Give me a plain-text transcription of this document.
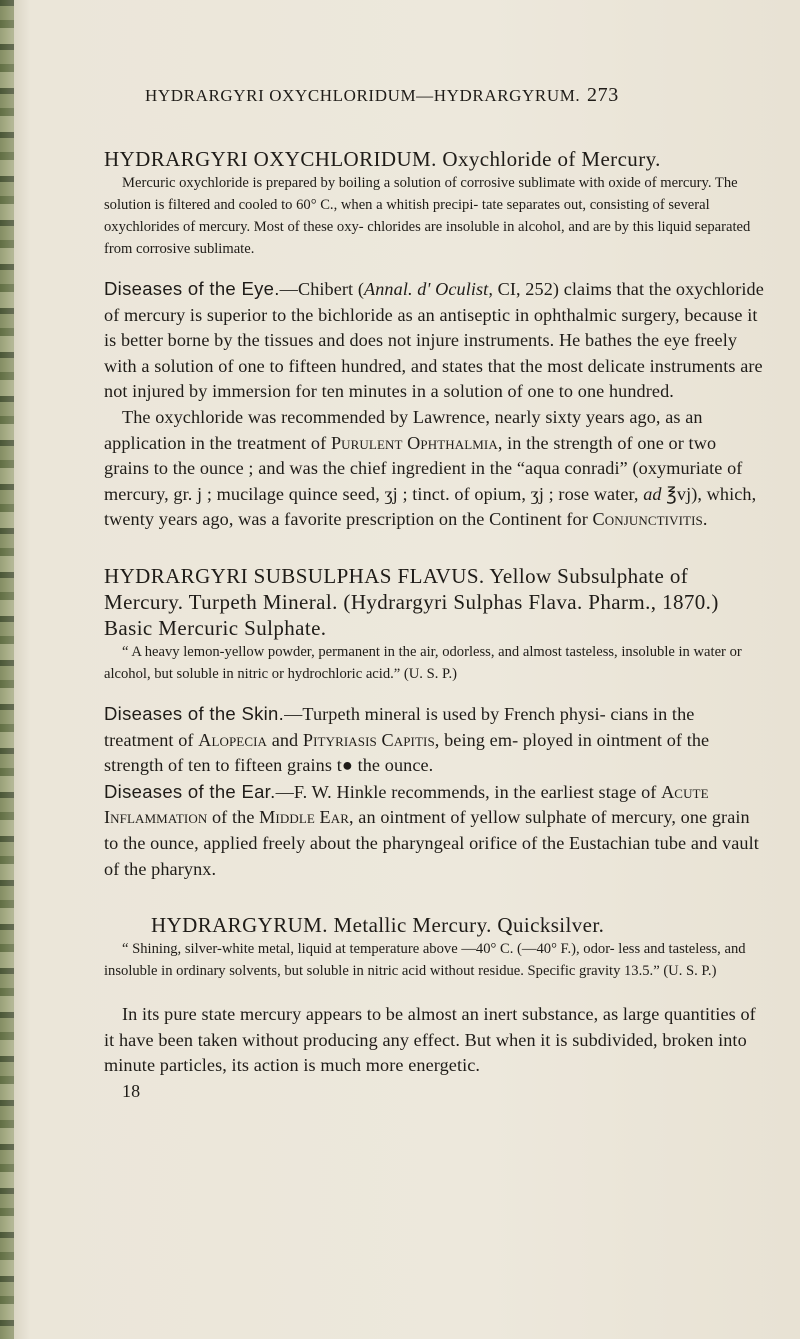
HYDRARGYRI OXYCHLORIDUM—HYDRARGYRUM. 273

HYDRARGYRI OXYCHLORIDUM. Oxychloride of Mercury.

Mercuric oxychloride is prepared by boiling a solution of corrosive sublimate with oxide of mercury. The solution is filtered and cooled to 60° C., when a whitish precipi- tate separates out, consisting of several oxychlorides of mercury. Most of these oxy- chlorides are insoluble in alcohol, and are by this liquid separated from corrosive sublimate.

Diseases of the Eye.—Chibert (Annal. d' Oculist, CI, 252) claims that the oxychloride of mercury is superior to the bichloride as an antiseptic in ophthalmic surgery, because it is better borne by the tissues and does not injure instruments. He bathes the eye freely with a solution of one to fifteen hundred, and states that the most delicate instruments are not injured by immersion for ten minutes in a solution of one to one hundred.

The oxychloride was recommended by Lawrence, nearly sixty years ago, as an application in the treatment of Purulent Ophthalmia, in the strength of one or two grains to the ounce ; and was the chief ingredient in the “aqua conradi” (oxymuriate of mercury, gr. j ; mucilage quince seed, ʒj ; tinct. of opium, ʒj ; rose water, ad ℥vj), which, twenty years ago, was a favorite prescription on the Continent for Conjunctivitis.

HYDRARGYRI SUBSULPHAS FLAVUS. Yellow Subsulphate of Mercury. Turpeth Mineral. (Hydrargyri Sulphas Flava. Pharm., 1870.) Basic Mercuric Sulphate.

“ A heavy lemon-yellow powder, permanent in the air, odorless, and almost tasteless, insoluble in water or alcohol, but soluble in nitric or hydrochloric acid.” (U. S. P.)

Diseases of the Skin.—Turpeth mineral is used by French physi- cians in the treatment of Alopecia and Pityriasis Capitis, being em- ployed in ointment of the strength of ten to fifteen grains t● the ounce.

Diseases of the Ear.—F. W. Hinkle recommends, in the earliest stage of Acute Inflammation of the Middle Ear, an ointment of yellow sulphate of mercury, one grain to the ounce, applied freely about the pharyngeal orifice of the Eustachian tube and vault of the pharynx.

HYDRARGYRUM. Metallic Mercury. Quicksilver.

“ Shining, silver-white metal, liquid at temperature above —40° C. (—40° F.), odor- less and tasteless, and insoluble in ordinary solvents, but soluble in nitric acid without residue. Specific gravity 13.5.” (U. S. P.)

In its pure state mercury appears to be almost an inert substance, as large quantities of it have been taken without producing any effect. But when it is subdivided, broken into minute particles, its action is much more energetic.

18
